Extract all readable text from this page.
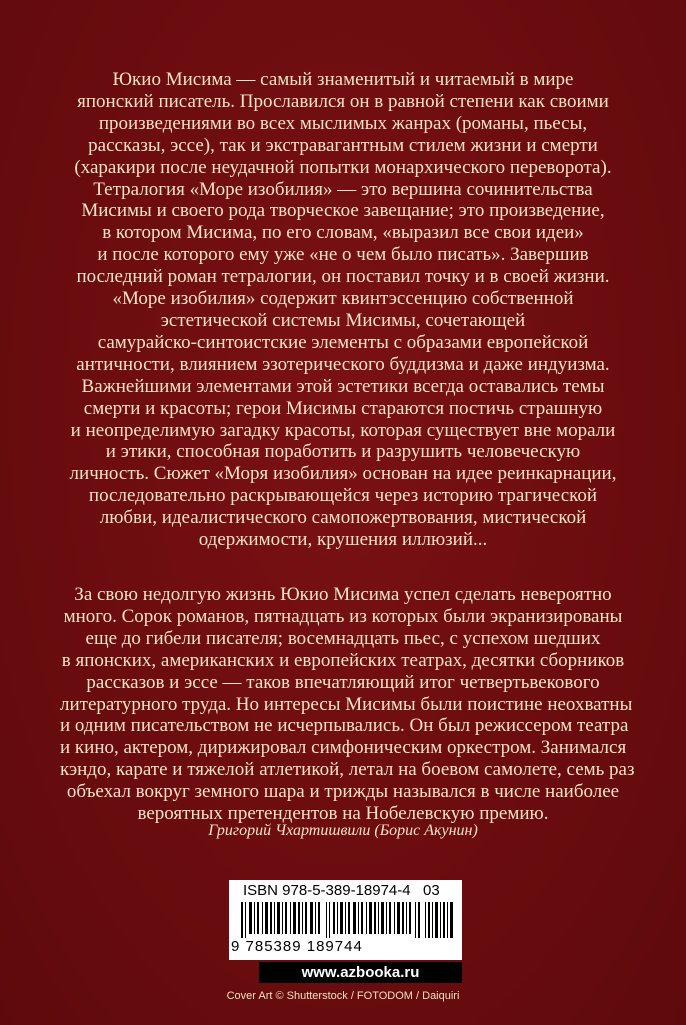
Юкио Мисима — самый знаменитый и читаемый в мире
японский писатель. Прославился он в равной степени как своими
произведениями во всех мыслимых жанрах (романы, пьесы,
рассказы, эссе), так и экстравагантным стилем жизни и смерти
(харакири после неудачной попытки монархического переворота).
Тетралогия «Море изобилия» — это вершина сочинительства
Мисимы и своего рода творческое завещание; это произведение,
в котором Мисима, по его словам, «выразил все свои идеи»
и после которого ему уже «не о чем было писать». Завершив
последний роман тетралогии, он поставил точку и в своей жизни.
«Море изобилия» содержит квинтэссенцию собственной
эстетической системы Мисимы, сочетающей
самурайско-синтоистские элементы с образами европейской
античности, влиянием эзотерического буддизма и даже индуизма.
Важнейшими элементами этой эстетики всегда оставались темы
смерти и красоты; герои Мисимы стараются постичь страшную
и неопределимую загадку красоты, которая существует вне морали
и этики, способная поработить и разрушить человеческую
личность. Сюжет «Моря изобилия» основан на идее реинкарнации,
последовательно раскрывающейся через историю трагической
любви, идеалистического самопожертвования, мистической
одержимости, крушения иллюзий...
За свою недолгую жизнь Юкио Мисима успел сделать невероятно
много. Сорок романов, пятнадцать из которых были экранизированы
еще до гибели писателя; восемнадцать пьес, с успехом шедших
в японских, американских и европейских театрах, десятки сборников
рассказов и эссе — таков впечатляющий итог четвертьвекового
литературного труда. Но интересы Мисимы были поистине неохватны
и одним писательством не исчерпывались. Он был режиссером театра
и кино, актером, дирижировал симфоническим оркестром. Занимался
кэндо, карате и тяжелой атлетикой, летал на боевом самолете, семь раз
объехал вокруг земного шара и трижды назывался в числе наиболее
вероятных претендентов на Нобелевскую премию.
Григорий Чхартишвили (Борис Акунин)
ISBN 978-5-389-18974-4 03
9 785389 189744
www.azbooka.ru
Cover Art © Shutterstock / FOTODOM / Daiquiri
